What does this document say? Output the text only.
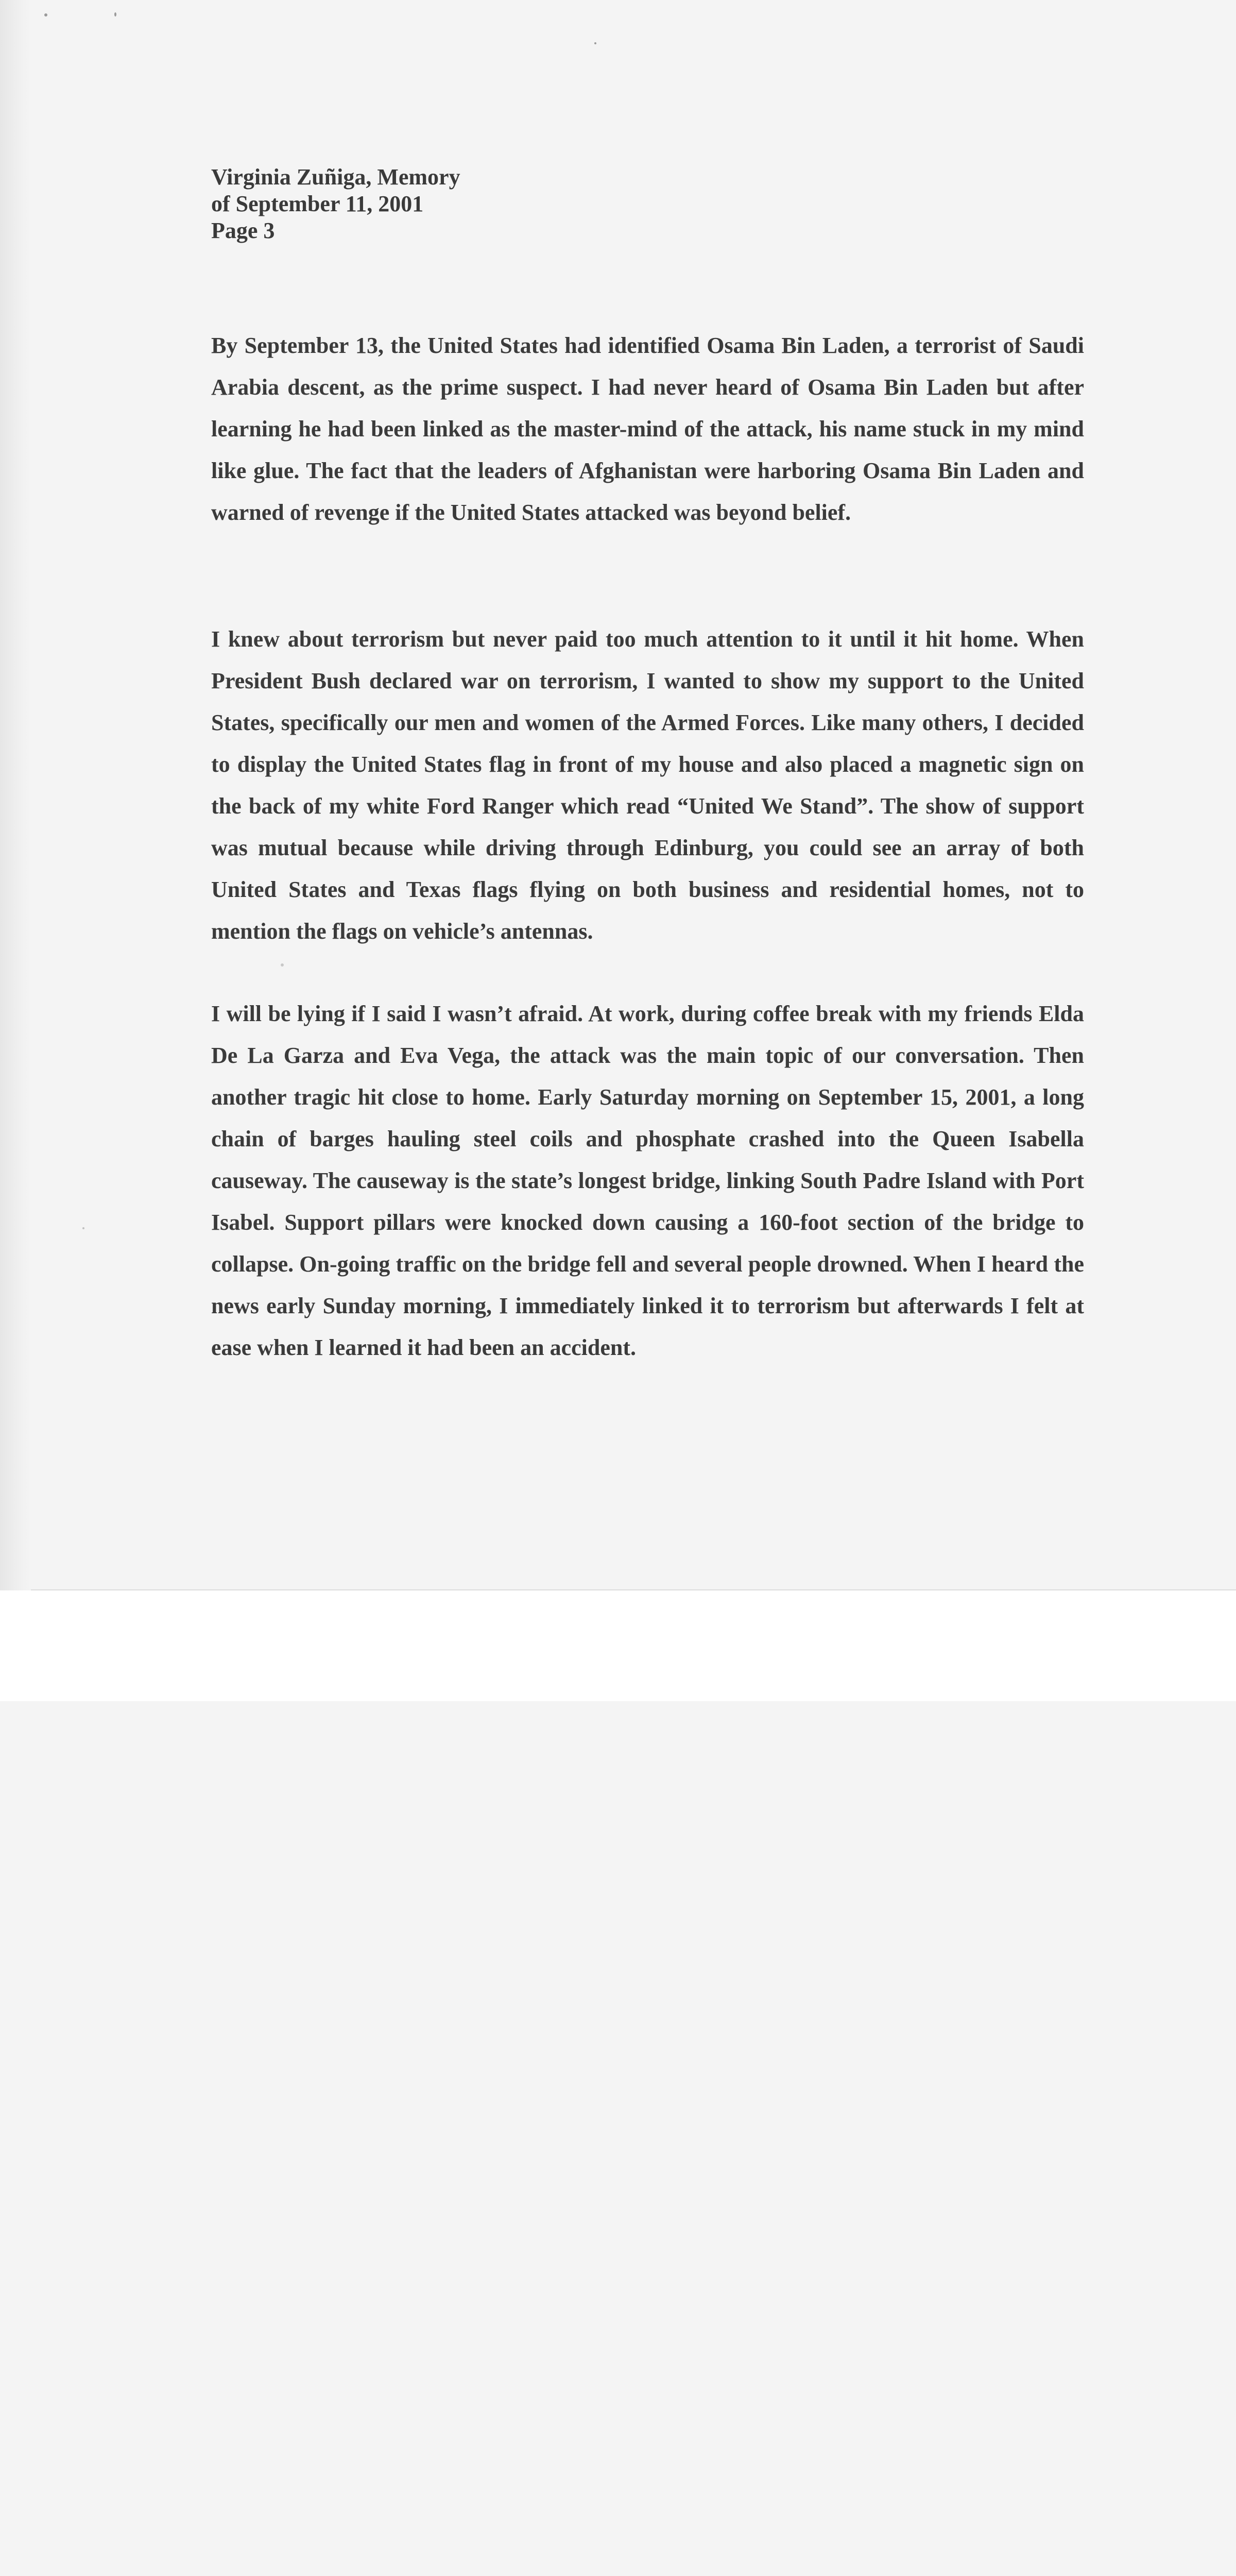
Virginia Zuñiga, Memory
of September 11, 2001
Page 3

By September 13, the United States had identified Osama Bin Laden, a terrorist of Saudi Arabia descent, as the prime suspect. I had never heard of Osama Bin Laden but after learning he had been linked as the master-mind of the attack, his name stuck in my mind like glue. The fact that the leaders of Afghanistan were harboring Osama Bin Laden and warned of revenge if the United States attacked was beyond belief.

I knew about terrorism but never paid too much attention to it until it hit home. When President Bush declared war on terrorism, I wanted to show my support to the United States, specifically our men and women of the Armed Forces. Like many others, I decided to display the United States flag in front of my house and also placed a magnetic sign on the back of my white Ford Ranger which read “United We Stand”. The show of support was mutual because while driving through Edinburg, you could see an array of both United States and Texas flags flying on both business and residential homes, not to mention the flags on vehicle’s antennas.

I will be lying if I said I wasn’t afraid. At work, during coffee break with my friends Elda De La Garza and Eva Vega, the attack was the main topic of our conversation. Then another tragic hit close to home. Early Saturday morning on September 15, 2001, a long chain of barges hauling steel coils and phosphate crashed into the Queen Isabella causeway. The causeway is the state’s longest bridge, linking South Padre Island with Port Isabel. Support pillars were knocked down causing a 160-foot section of the bridge to collapse. On-going traffic on the bridge fell and several people drowned. When I heard the news early Sunday morning, I immediately linked it to terrorism but afterwards I felt at ease when I learned it had been an accident.
